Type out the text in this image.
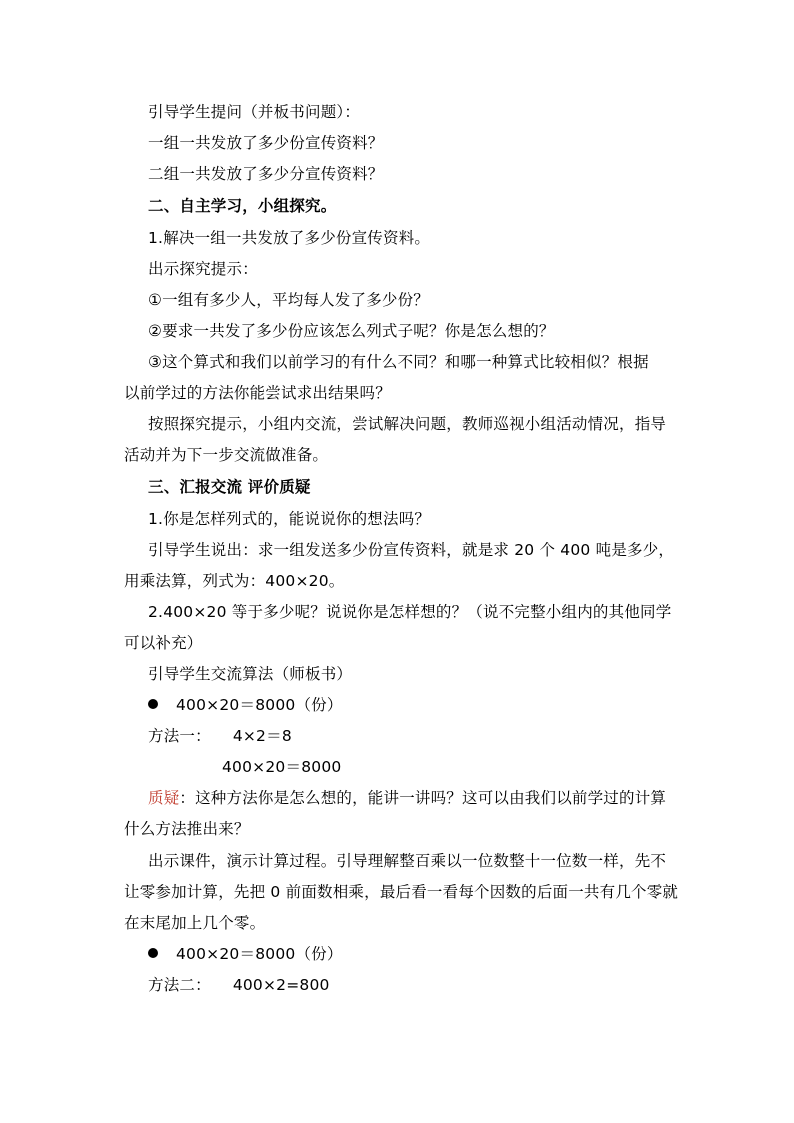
引导学生提问（并板书问题）：
一组一共发放了多少份宣传资料？
二组一共发放了多少分宣传资料？
二、自主学习，小组探究。
1.解决一组一共发放了多少份宣传资料。
出示探究提示：
①一组有多少人，平均每人发了多少份？
②要求一共发了多少份应该怎么列式子呢？你是怎么想的？
③这个算式和我们以前学习的有什么不同？和哪一种算式比较相似？根据
以前学过的方法你能尝试求出结果吗？
按照探究提示，小组内交流，尝试解决问题，教师巡视小组活动情况，指导
活动并为下一步交流做准备。
三、汇报交流 评价质疑
1.你是怎样列式的，能说说你的想法吗？
引导学生说出：求一组发送多少份宣传资料，就是求 20 个 400 吨是多少，
用乘法算，列式为：400×20。
2.400×20 等于多少呢？说说你是怎样想的？（说不完整小组内的其他同学
可以补充）
引导学生交流算法（师板书）
400×20＝8000（份）
方法一： 4×2＝8
400×20＝8000
质疑：这种方法你是怎么想的，能讲一讲吗？这可以由我们以前学过的计算
什么方法推出来？
出示课件，演示计算过程。引导理解整百乘以一位数整十一位数一样，先不
让零参加计算，先把 0 前面数相乘，最后看一看每个因数的后面一共有几个零就
在末尾加上几个零。
400×20＝8000（份）
方法二： 400×2=800
